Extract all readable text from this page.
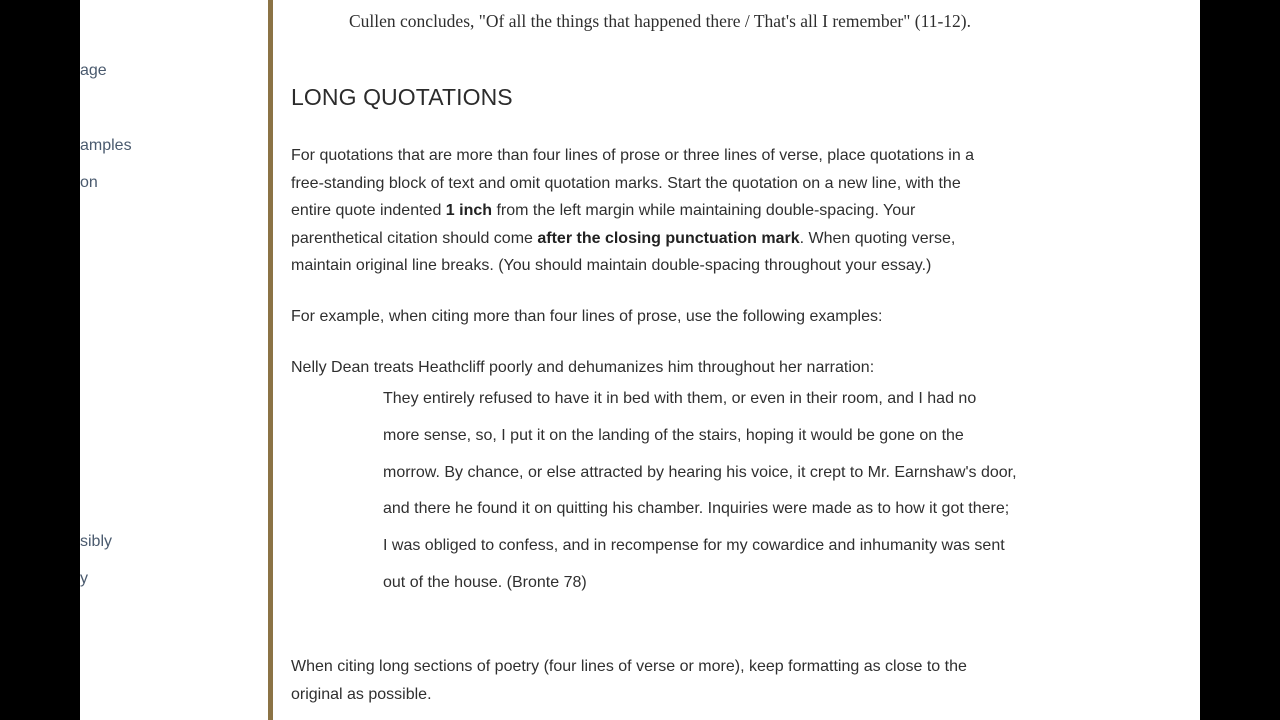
age
amples
on
sibly
y
Cullen concludes, "Of all the things that happened there / That's all I remember" (11-12).
LONG QUOTATIONS

For quotations that are more than four lines of prose or three lines of verse, place quotations in a
free-standing block of text and omit quotation marks. Start the quotation on a new line, with the
entire quote indented 1 inch from the left margin while maintaining double-spacing. Your
parenthetical citation should come after the closing punctuation mark. When quoting verse,
maintain original line breaks. (You should maintain double-spacing throughout your essay.)

For example, when citing more than four lines of prose, use the following examples:

Nelly Dean treats Heathcliff poorly and dehumanizes him throughout her narration:

They entirely refused to have it in bed with them, or even in their room, and I had no
more sense, so, I put it on the landing of the stairs, hoping it would be gone on the
morrow. By chance, or else attracted by hearing his voice, it crept to Mr. Earnshaw's door,
and there he found it on quitting his chamber. Inquiries were made as to how it got there;
I was obliged to confess, and in recompense for my cowardice and inhumanity was sent
out of the house. (Bronte 78)

When citing long sections of poetry (four lines of verse or more), keep formatting as close to the
original as possible.
